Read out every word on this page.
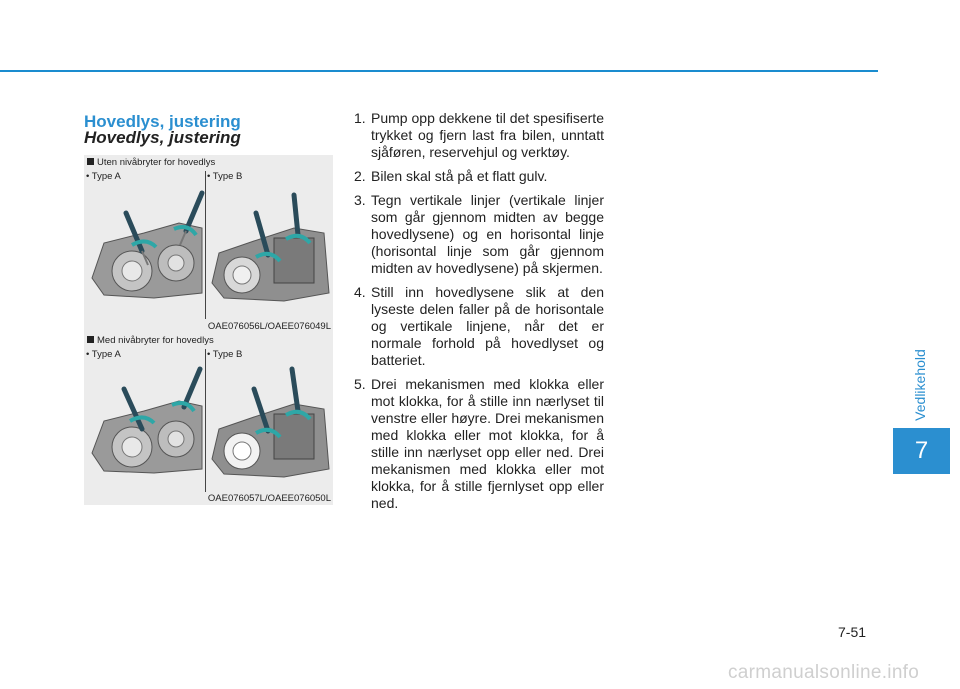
Vedlikehold
7
Hovedlys, justering
Hovedlys, justering
Uten nivåbryter for hovedlys
• Type A	• Type B
OAE076056L/OAEE076049L
Med nivåbryter for hovedlys
• Type A	• Type B
OAE076057L/OAEE076050L
1. Pump opp dekkene til det spesifiserte trykket og fjern last fra bilen, unntatt sjåføren, reservehjul og verktøy.
2. Bilen skal stå på et flatt gulv.
3. Tegn vertikale linjer (vertikale linjer som går gjennom midten av begge hovedlysene) og en horisontal linje (horisontal linje som går gjennom midten av hovedlysene) på skjermen.
4. Still inn hovedlysene slik at den lyseste delen faller på de horisontale og vertikale linjene, når det er normale forhold på hovedlyset og batteriet.
5. Drei mekanismen med klokka eller mot klokka, for å stille inn nærlyset til venstre eller høyre. Drei mekanismen med klokka eller mot klokka, for å stille inn nærlyset opp eller ned. Drei mekanismen med klokka eller mot klokka, for å stille fjernlyset opp eller ned.
7-51
carmanualsonline.info
